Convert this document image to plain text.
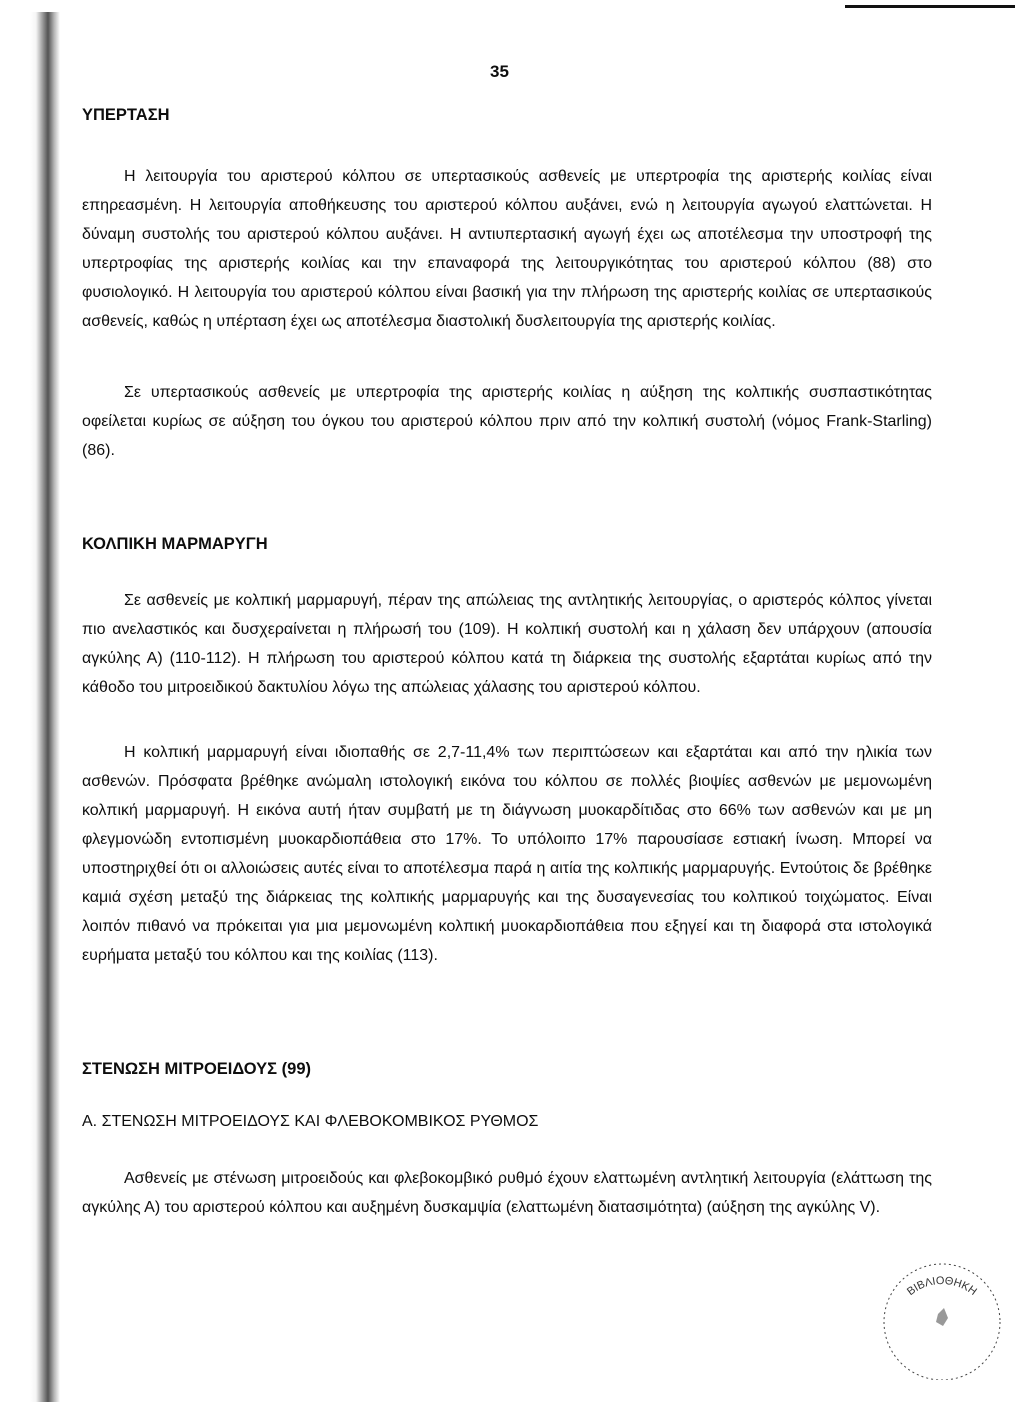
35
ΥΠΕΡΤΑΣΗ

Η λειτουργία του αριστερού κόλπου σε υπερτασικούς ασθενείς με υπερτροφία της αριστερής κοιλίας είναι επηρεασμένη. Η λειτουργία αποθήκευσης του αριστερού κόλπου αυξάνει, ενώ η λειτουργία αγωγού ελαττώνεται. Η δύναμη συστολής του αριστερού κόλπου αυξάνει. Η αντιυπερτασική αγωγή έχει ως αποτέλεσμα την υποστροφή της υπερτροφίας της αριστερής κοιλίας και την επαναφορά της λειτουργικότητας του αριστερού κόλπου (88) στο φυσιολογικό. Η λειτουργία του αριστερού κόλπου είναι βασική για την πλήρωση της αριστερής κοιλίας σε υπερτασικούς ασθενείς, καθώς η υπέρταση έχει ως αποτέλεσμα διαστολική δυσλειτουργία της αριστερής κοιλίας.

Σε υπερτασικούς ασθενείς με υπερτροφία της αριστερής κοιλίας η αύξηση της κολπικής συσπαστικότητας οφείλεται κυρίως σε αύξηση του όγκου του αριστερού κόλπου πριν από την κολπική συστολή (νόμος Frank-Starling) (86).

ΚΟΛΠΙΚΗ ΜΑΡΜΑΡΥΓΗ

Σε ασθενείς με κολπική μαρμαρυγή, πέραν της απώλειας της αντλητικής λειτουργίας, ο αριστερός κόλπος γίνεται πιο ανελαστικός και δυσχεραίνεται η πλήρωσή του (109). Η κολπική συστολή και η χάλαση δεν υπάρχουν (απουσία αγκύλης Α) (110-112). Η πλήρωση του αριστερού κόλπου κατά τη διάρκεια της συστολής εξαρτάται κυρίως από την κάθοδο του μιτροειδικού δακτυλίου λόγω της απώλειας χάλασης του αριστερού κόλπου.

Η κολπική μαρμαρυγή είναι ιδιοπαθής σε 2,7-11,4% των περιπτώσεων και εξαρτάται και από την ηλικία των ασθενών. Πρόσφατα βρέθηκε ανώμαλη ιστολογική εικόνα του κόλπου σε πολλές βιοψίες ασθενών με μεμονωμένη κολπική μαρμαρυγή. Η εικόνα αυτή ήταν συμβατή με τη διάγνωση μυοκαρδίτιδας στο 66% των ασθενών και με μη φλεγμονώδη εντοπισμένη μυοκαρδιοπάθεια στο 17%. Το υπόλοιπο 17% παρουσίασε εστιακή ίνωση. Μπορεί να υποστηριχθεί ότι οι αλλοιώσεις αυτές είναι το αποτέλεσμα παρά η αιτία της κολπικής μαρμαρυγής. Εντούτοις δε βρέθηκε καμιά σχέση μεταξύ της διάρκειας της κολπικής μαρμαρυγής και της δυσαγενεσίας του κολπικού τοιχώματος. Είναι λοιπόν πιθανό να πρόκειται για μια μεμονωμένη κολπική μυοκαρδιοπάθεια που εξηγεί και τη διαφορά στα ιστολογικά ευρήματα μεταξύ του κόλπου και της κοιλίας (113).

ΣΤΕΝΩΣΗ ΜΙΤΡΟΕΙΔΟΥΣ (99)
Α. ΣΤΕΝΩΣΗ ΜΙΤΡΟΕΙΔΟΥΣ ΚΑΙ ΦΛΕΒΟΚΟΜΒΙΚΟΣ ΡΥΘΜΟΣ

Ασθενείς με στένωση μιτροειδούς και φλεβοκομβικό ρυθμό έχουν ελαττωμένη αντλητική λειτουργία (ελάττωση της αγκύλης Α) του αριστερού κόλπου και αυξημένη δυσκαμψία (ελαττωμένη διατασιμότητα) (αύξηση της αγκύλης V).

ΒΙΒΛΙΟΘΗΚΗ
